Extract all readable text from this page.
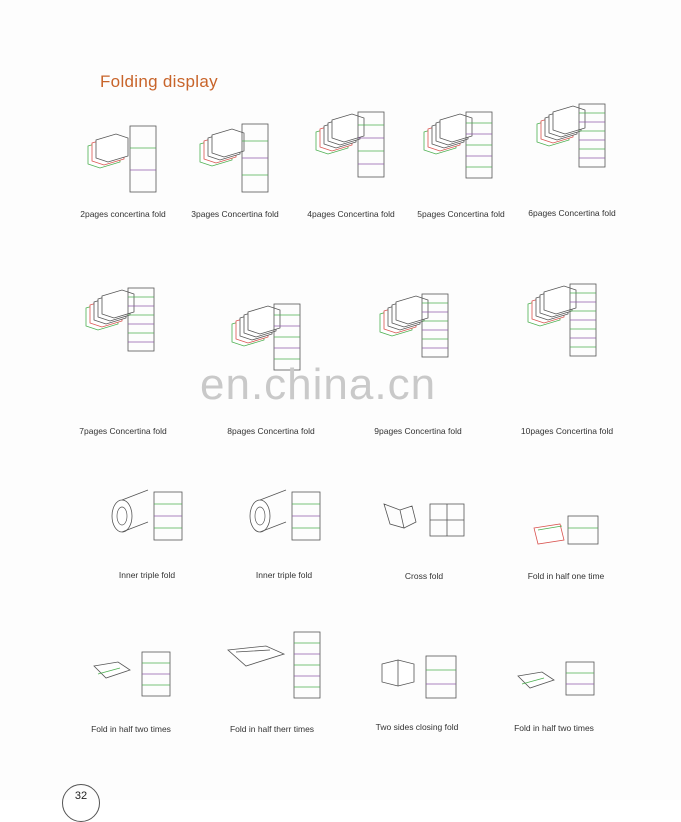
Folding display
2pages concertina fold	3pages Concertina fold	4pages Concertina fold	5pages Concertina fold	6pages Concertina fold
7pages Concertina fold	8pages Concertina fold	9pages Concertina fold	10pages Concertina fold
Inner triple fold	Inner triple fold	Cross fold	Fold in half one time
Fold in half two times	Fold in half therr times	Two sides closing fold	Fold in half two times
en.china.cn
32
